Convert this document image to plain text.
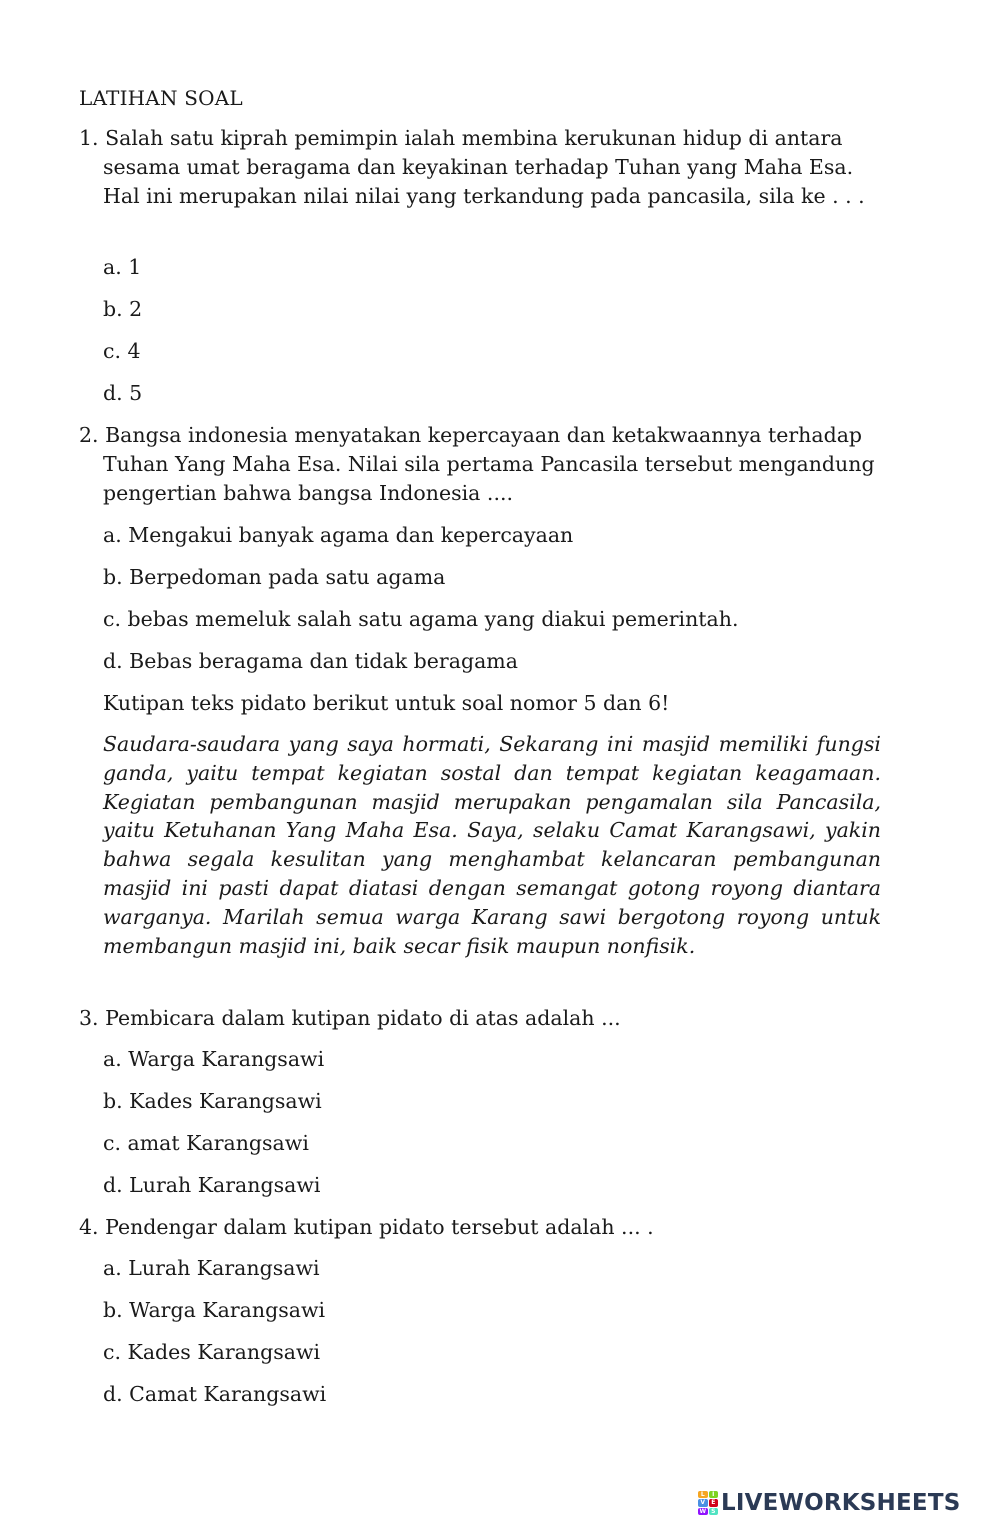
LATIHAN SOAL
1. Salah satu kiprah pemimpin ialah membina kerukunan hidup di antara sesama umat beragama dan keyakinan terhadap Tuhan yang Maha Esa. Hal ini merupakan nilai nilai yang terkandung pada pancasila, sila ke . . .
a. 1
b. 2
c. 4
d. 5
2. Bangsa indonesia menyatakan kepercayaan dan ketakwaannya terhadap Tuhan Yang Maha Esa. Nilai sila pertama Pancasila tersebut mengandung pengertian bahwa bangsa Indonesia ....
a. Mengakui banyak agama dan kepercayaan
b. Berpedoman pada satu agama
c. bebas memeluk salah satu agama yang diakui pemerintah.
d. Bebas beragama dan tidak beragama
Kutipan teks pidato berikut untuk soal nomor 5 dan 6!
Saudara-saudara yang saya hormati, Sekarang ini masjid memiliki fungsi ganda, yaitu tempat kegiatan sostal dan tempat kegiatan keagamaan. Kegiatan pembangunan masjid merupakan pengamalan sila Pancasila, yaitu Ketuhanan Yang Maha Esa. Saya, selaku Camat Karangsawi, yakin bahwa segala kesulitan yang menghambat kelancaran pembangunan masjid ini pasti dapat diatasi dengan semangat gotong royong diantara warganya. Marilah semua warga Karang sawi bergotong royong untuk membangun masjid ini, baik secar fisik maupun nonfisik.
3. Pembicara dalam kutipan pidato di atas adalah ...
a. Warga Karangsawi
b. Kades Karangsawi
c. amat Karangsawi
d. Lurah Karangsawi
4. Pendengar dalam kutipan pidato tersebut adalah ... .
a. Lurah Karangsawi
b. Warga Karangsawi
c. Kades Karangsawi
d. Camat Karangsawi
L	I
V	E
W S LIVEWORKSHEETS
